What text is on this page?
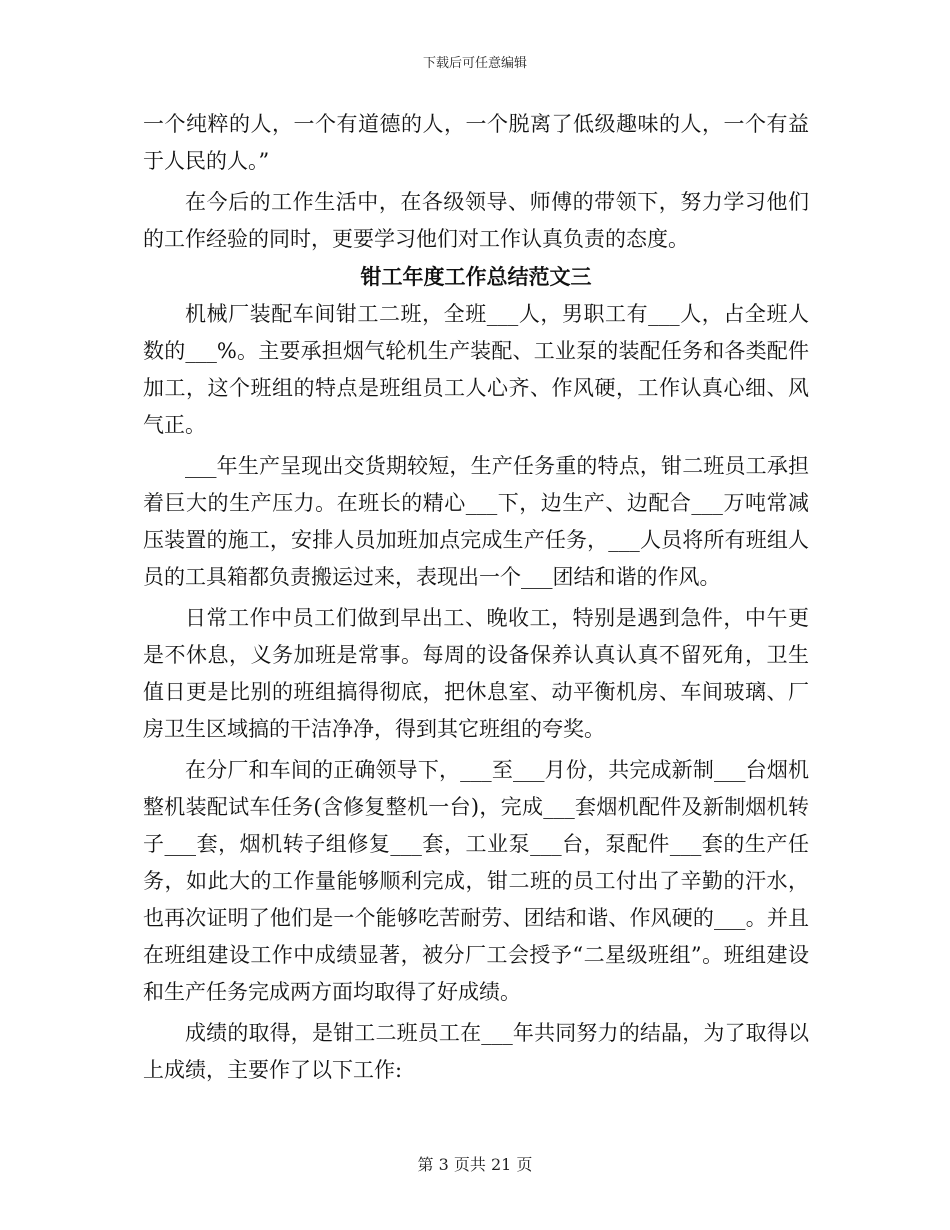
下载后可任意编辑

一个纯粹的人，一个有道德的人，一个脱离了低级趣味的人，一个有益于人民的人。”

在今后的工作生活中，在各级领导、师傅的带领下，努力学习他们的工作经验的同时，更要学习他们对工作认真负责的态度。

钳工年度工作总结范文三

机械厂装配车间钳工二班，全班___人，男职工有___人，占全班人数的___%。主要承担烟气轮机生产装配、工业泵的装配任务和各类配件加工，这个班组的特点是班组员工人心齐、作风硬，工作认真心细、风气正。

___年生产呈现出交货期较短，生产任务重的特点，钳二班员工承担着巨大的生产压力。在班长的精心___下，边生产、边配合___万吨常减压装置的施工，安排人员加班加点完成生产任务，___人员将所有班组人员的工具箱都负责搬运过来，表现出一个___团结和谐的作风。

日常工作中员工们做到早出工、晚收工，特别是遇到急件，中午更是不休息，义务加班是常事。每周的设备保养认真认真不留死角，卫生值日更是比别的班组搞得彻底，把休息室、动平衡机房、车间玻璃、厂房卫生区域搞的干洁净净，得到其它班组的夸奖。

在分厂和车间的正确领导下，___至___月份，共完成新制___台烟机整机装配试车任务(含修复整机一台)，完成___套烟机配件及新制烟机转子___套，烟机转子组修复___套，工业泵___台，泵配件___套的生产任务，如此大的工作量能够顺利完成，钳二班的员工付出了辛勤的汗水，也再次证明了他们是一个能够吃苦耐劳、团结和谐、作风硬的___。并且在班组建设工作中成绩显著，被分厂工会授予“二星级班组”。班组建设和生产任务完成两方面均取得了好成绩。

成绩的取得，是钳工二班员工在___年共同努力的结晶，为了取得以上成绩，主要作了以下工作:

第 3 页共 21 页
